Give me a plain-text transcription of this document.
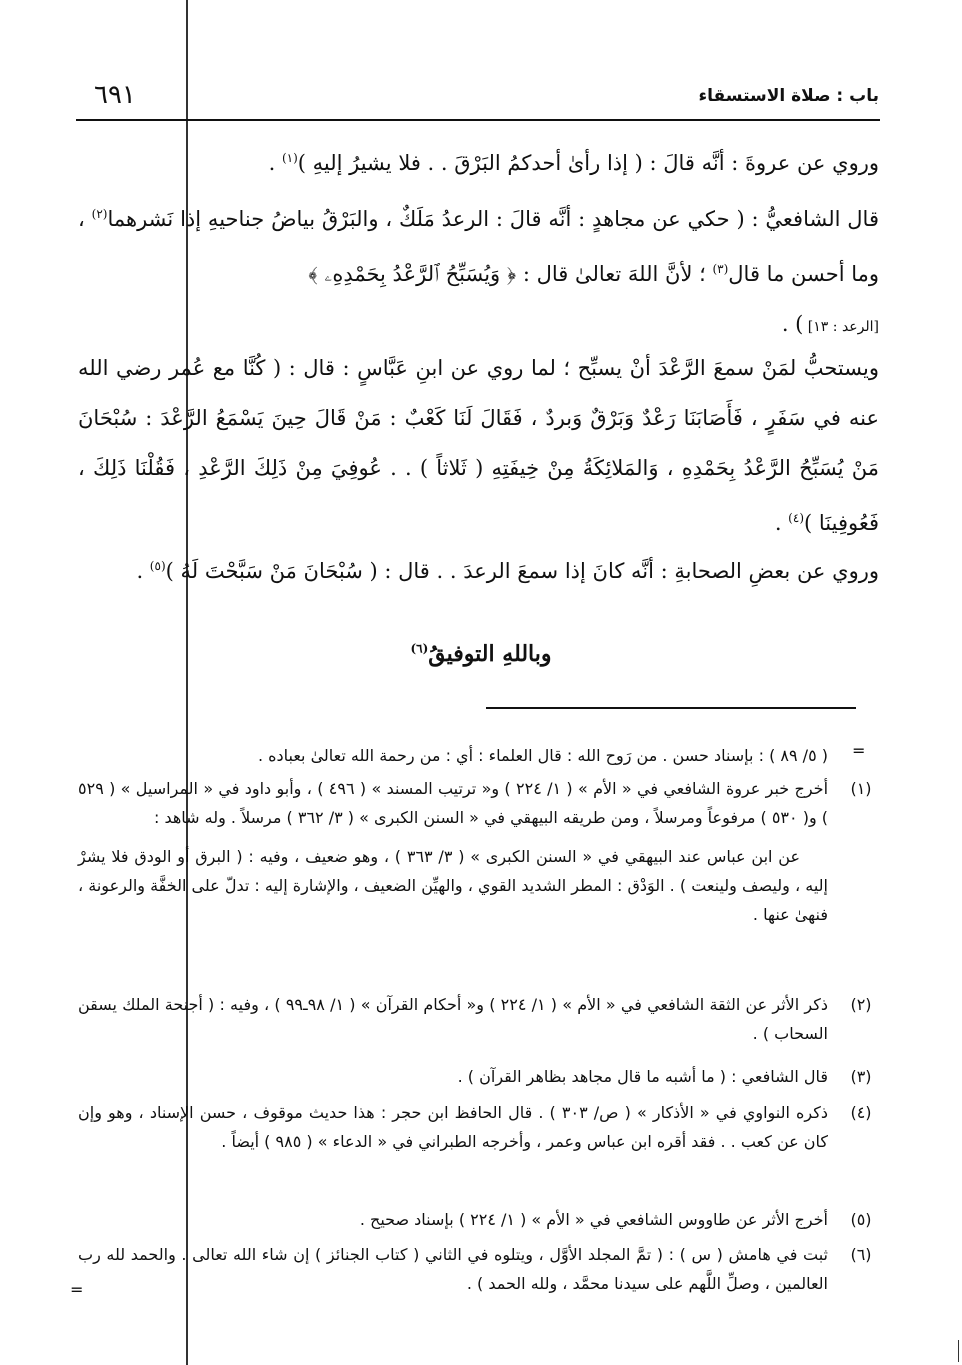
باب : صلاة الاستسقاء
٦٩١
وروي عن عروةَ : أنَّه قالَ : ( إذا رأىٰ أحدكمُ البَرْقَ . . فلا يشيرُ إليهِ )$^{(١)}$ .
قال الشافعيُّ : ( حكي عن مجاهدٍ : أنَّه قالَ : الرعدُ مَلَكٌ ، والبَرْقُ بياضُ جناحيهِ إذا نَشرهما$^{(٢)}$ ، وما أحسن ما قال$^{(٣)}$ ؛ لأنَّ اللهَ تعالىٰ قال : ﴿ وَيُسَبِّحُ ٱلرَّعْدُ بِحَمْدِهِۦ ﴾
[الرعد : ١٣] ) .
ويستحبُّ لمَنْ سمعَ الرَّعْدَ أنْ يسبِّح ؛ لما روي عن ابنِ عَبَّاسٍ : قال : ( كُنَّا مع عُمر رضي الله عنه في سَفَرٍ ، فَأَصَابَنَا رَعْدٌ وَبَرْقٌ وَبردٌ ، فَقَالَ لَنَا كَعْبٌ : مَنْ قَالَ حِينَ يَسْمَعُ الرَّعْدَ : سُبْحَانَ مَنْ يُسَبِّحُ الرَّعْدُ بِحَمْدِهِ ، وَالمَلائِكَةُ مِنْ خِيفَتِهِ ( ثَلاثاً ) . . عُوفِيَ مِنْ ذَلِكَ الرَّعْدِ ، فَقُلْنَا ذَلِكَ ، فَعُوفِينَا )$^{(٤)}$ .
وروي عن بعضِ الصحابةِ : أنَّه كانَ إذا سمعَ الرعدَ . . قال : ( سُبْحَانَ مَنْ سَبَّحْتَ لَهُ )$^{(٥)}$ .
وباللهِ التوفيقُ$^{(٦)}$
=
=
( ٥/ ٨٩ ) : بإسناد حسن . من رَوح الله : قال العلماء : أي : من رحمة الله تعالىٰ بعباده .
(١)
أخرج خبر عروة الشافعي في « الأم » ( ١/ ٢٢٤ ) و« ترتيب المسند » ( ٤٩٦ ) ، وأبو داود في « المراسيل » ( ٥٢٩ ) و( ٥٣٠ ) مرفوعاً ومرسلاً ، ومن طريقه البيهقي في « السنن الكبرى » ( ٣/ ٣٦٢ ) مرسلاً . وله شاهد :
عن ابن عباس عند البيهقي في « السنن الكبرى » ( ٣/ ٣٦٣ ) ، وهو ضعيف ، وفيه : ( البرق أو الودق فلا يشرْ إليه ، وليصف ولينعت ) . الوَدْق : المطر الشديد القوي ، والهيِّن الضعيف ، والإشارة إليه : تدلّ على الخفَّة والرعونة ، فنهىٰ عنها .
(٢)
ذكر الأثر عن الثقة الشافعي في « الأم » ( ١/ ٢٢٤ ) و« أحكام القرآن » ( ١/ ٩٨ـ٩٩ ) ، وفيه : ( أجنحة الملك يسقن السحاب ) .
(٣)
قال الشافعي : ( ما أشبه ما قال مجاهد بظاهر القرآن ) .
(٤)
ذكره النواوي في « الأذكار » ( ص/ ٣٠٣ ) . قال الحافظ ابن حجر : هذا حديث موقوف ، حسن الإسناد ، وهو وإن كان عن كعب . . فقد أقره ابن عباس وعمر ، وأخرجه الطبراني في « الدعاء » ( ٩٨٥ ) أيضاً .
(٥)
أخرج الأثر عن طاووس الشافعي في « الأم » ( ١/ ٢٢٤ ) بإسناد صحيح .
(٦)
ثبت في هامش ( س ) : ( تمَّ المجلد الأوَّل ، ويتلوه في الثاني ( كتاب الجنائز ) إن شاء الله تعالى . والحمد لله رب العالمين ، وصلِّ اللَّهم على سيدنا محمَّد ، ولله الحمد ) .
